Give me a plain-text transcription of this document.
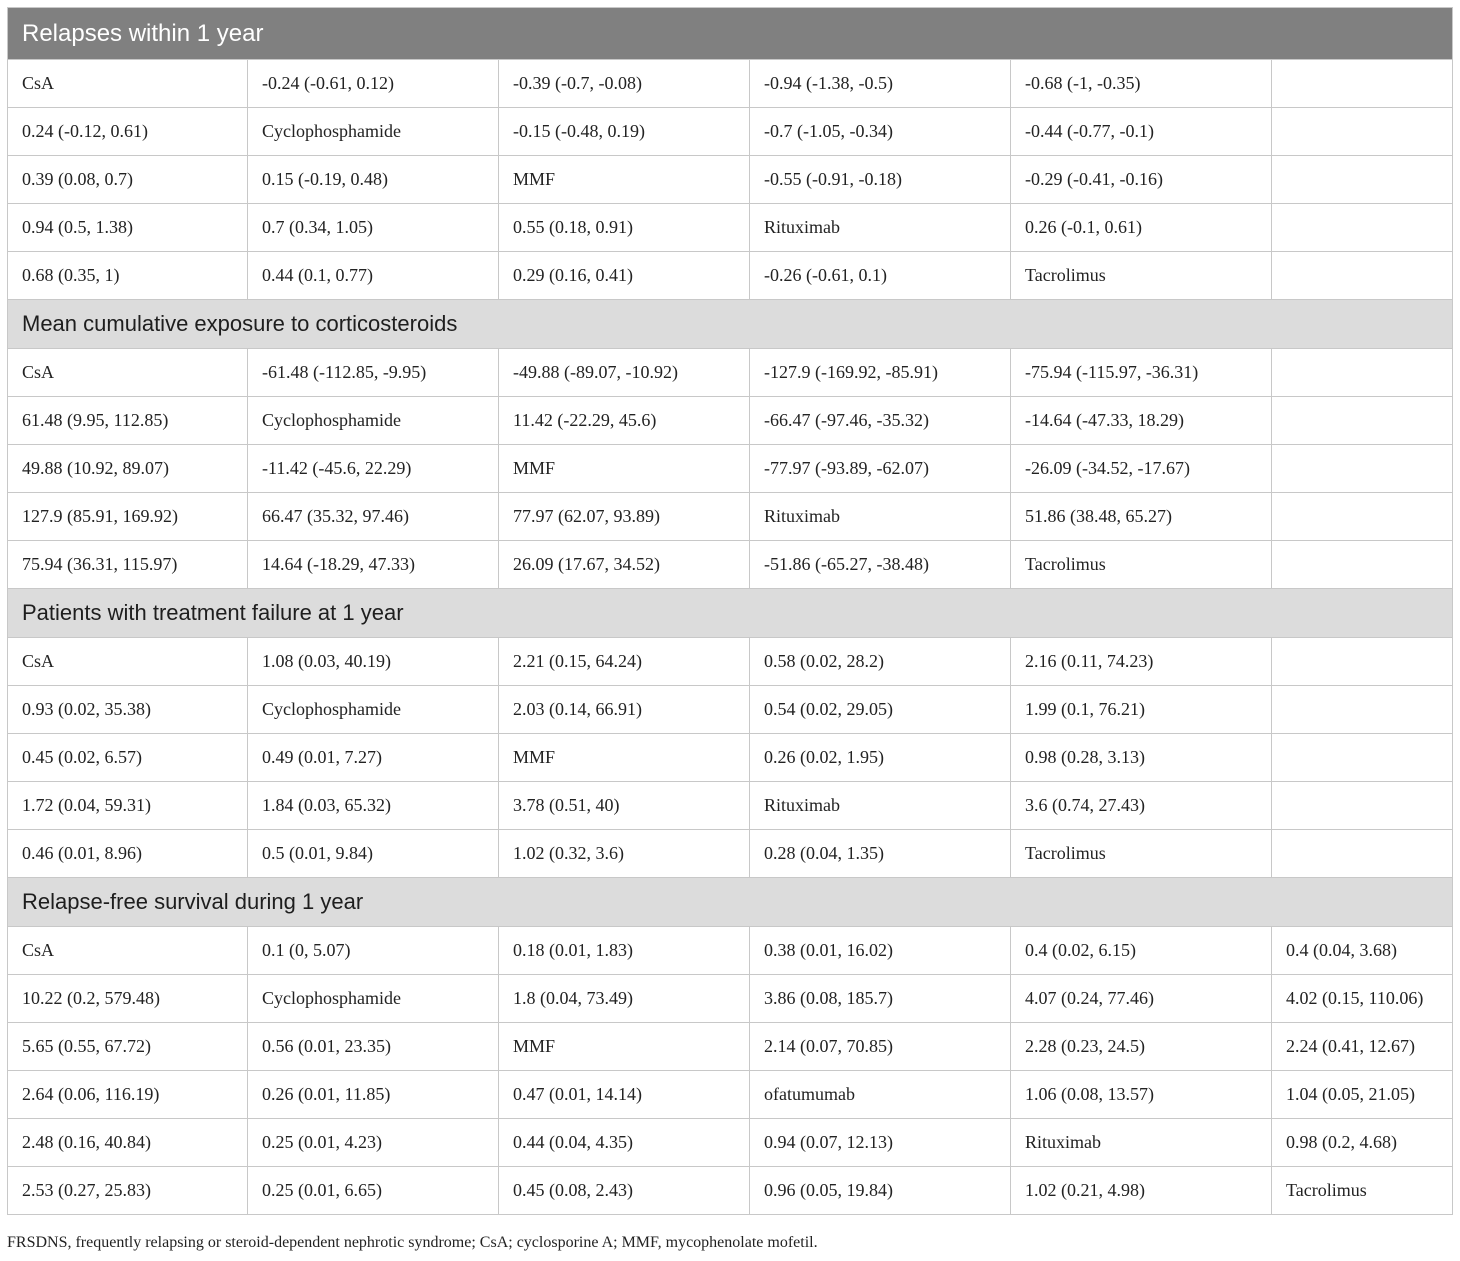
Relapses within 1 year					
CsA	-0.24 (-0.61, 0.12)	-0.39 (-0.7, -0.08)	-0.94 (-1.38, -0.5)	-0.68 (-1, -0.35)	
0.24 (-0.12, 0.61)	Cyclophosphamide	-0.15 (-0.48, 0.19)	-0.7 (-1.05, -0.34)	-0.44 (-0.77, -0.1)	
0.39 (0.08, 0.7)	0.15 (-0.19, 0.48)	MMF	-0.55 (-0.91, -0.18)	-0.29 (-0.41, -0.16)	
0.94 (0.5, 1.38)	0.7 (0.34, 1.05)	0.55 (0.18, 0.91)	Rituximab	0.26 (-0.1, 0.61)	
0.68 (0.35, 1)	0.44 (0.1, 0.77)	0.29 (0.16, 0.41)	-0.26 (-0.61, 0.1)	Tacrolimus	
Mean cumulative exposure to corticosteroids					
CsA	-61.48 (-112.85, -9.95)	-49.88 (-89.07, -10.92)	-127.9 (-169.92, -85.91)	-75.94 (-115.97, -36.31)	
61.48 (9.95, 112.85)	Cyclophosphamide	11.42 (-22.29, 45.6)	-66.47 (-97.46, -35.32)	-14.64 (-47.33, 18.29)	
49.88 (10.92, 89.07)	-11.42 (-45.6, 22.29)	MMF	-77.97 (-93.89, -62.07)	-26.09 (-34.52, -17.67)	
127.9 (85.91, 169.92)	66.47 (35.32, 97.46)	77.97 (62.07, 93.89)	Rituximab	51.86 (38.48, 65.27)	
75.94 (36.31, 115.97)	14.64 (-18.29, 47.33)	26.09 (17.67, 34.52)	-51.86 (-65.27, -38.48)	Tacrolimus	
Patients with treatment failure at 1 year					
CsA	1.08 (0.03, 40.19)	2.21 (0.15, 64.24)	0.58 (0.02, 28.2)	2.16 (0.11, 74.23)	
0.93 (0.02, 35.38)	Cyclophosphamide	2.03 (0.14, 66.91)	0.54 (0.02, 29.05)	1.99 (0.1, 76.21)	
0.45 (0.02, 6.57)	0.49 (0.01, 7.27)	MMF	0.26 (0.02, 1.95)	0.98 (0.28, 3.13)	
1.72 (0.04, 59.31)	1.84 (0.03, 65.32)	3.78 (0.51, 40)	Rituximab	3.6 (0.74, 27.43)	
0.46 (0.01, 8.96)	0.5 (0.01, 9.84)	1.02 (0.32, 3.6)	0.28 (0.04, 1.35)	Tacrolimus	
Relapse-free survival during 1 year					
CsA	0.1 (0, 5.07)	0.18 (0.01, 1.83)	0.38 (0.01, 16.02)	0.4 (0.02, 6.15)	0.4 (0.04, 3.68)
10.22 (0.2, 579.48)	Cyclophosphamide	1.8 (0.04, 73.49)	3.86 (0.08, 185.7)	4.07 (0.24, 77.46)	4.02 (0.15, 110.06)
5.65 (0.55, 67.72)	0.56 (0.01, 23.35)	MMF	2.14 (0.07, 70.85)	2.28 (0.23, 24.5)	2.24 (0.41, 12.67)
2.64 (0.06, 116.19)	0.26 (0.01, 11.85)	0.47 (0.01, 14.14)	ofatumumab	1.06 (0.08, 13.57)	1.04 (0.05, 21.05)
2.48 (0.16, 40.84)	0.25 (0.01, 4.23)	0.44 (0.04, 4.35)	0.94 (0.07, 12.13)	Rituximab	0.98 (0.2, 4.68)
2.53 (0.27, 25.83)	0.25 (0.01, 6.65)	0.45 (0.08, 2.43)	0.96 (0.05, 19.84)	1.02 (0.21, 4.98)	Tacrolimus
FRSDNS, frequently relapsing or steroid-dependent nephrotic syndrome; CsA; cyclosporine A; MMF, mycophenolate mofetil.
